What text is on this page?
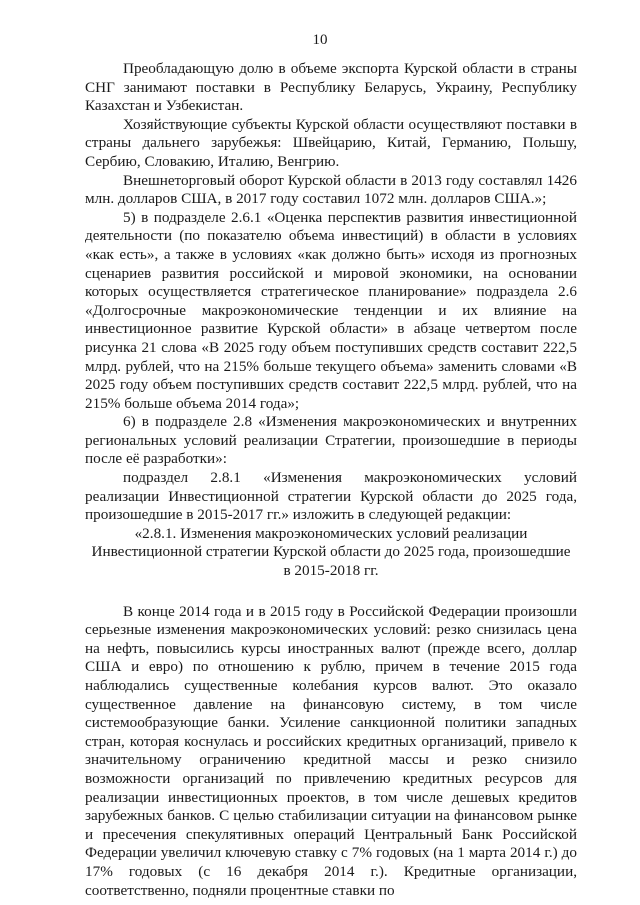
10

Преобладающую долю в объеме экспорта Курской области в страны СНГ занимают поставки в Республику Беларусь, Украину, Республику Казахстан и Узбекистан.

Хозяйствующие субъекты Курской области осуществляют поставки в страны дальнего зарубежья: Швейцарию, Китай, Германию, Польшу, Сербию, Словакию, Италию, Венгрию.

Внешнеторговый оборот Курской области в 2013 году составлял 1426 млн. долларов США, в 2017 году составил 1072 млн. долларов США.»;

5) в подразделе 2.6.1 «Оценка перспектив развития инвестиционной деятельности (по показателю объема инвестиций) в области в условиях «как есть», а также в условиях «как должно быть» исходя из прогнозных сценариев развития российской и мировой экономики, на основании которых осуществляется стратегическое планирование» подраздела 2.6 «Долгосрочные макроэкономические тенденции и их влияние на инвестиционное развитие Курской области» в абзаце четвертом после рисунка 21 слова «В 2025 году объем поступивших средств составит 222,5 млрд. рублей, что на 215% больше текущего объема» заменить словами «В 2025 году объем поступивших средств составит 222,5 млрд. рублей, что на 215% больше объема 2014 года»;

6) в подразделе 2.8 «Изменения макроэкономических и внутренних региональных условий реализации Стратегии, произошедшие в периоды после её разработки»:

подраздел 2.8.1 «Изменения макроэкономических условий реализации Инвестиционной стратегии Курской области до 2025 года, произошедшие в 2015-2017 гг.» изложить в следующей редакции:

«2.8.1. Изменения макроэкономических условий реализации Инвестиционной стратегии Курской области до 2025 года, произошедшие в 2015-2018 гг.

В конце 2014 года и в 2015 году в Российской Федерации произошли серьезные изменения макроэкономических условий: резко снизилась цена на нефть, повысились курсы иностранных валют (прежде всего, доллар США и евро) по отношению к рублю, причем в течение 2015 года наблюдались существенные колебания курсов валют. Это оказало существенное давление на финансовую систему, в том числе системообразующие банки. Усиление санкционной политики западных стран, которая коснулась и российских кредитных организаций, привело к значительному ограничению кредитной массы и резко снизило возможности организаций по привлечению кредитных ресурсов для реализации инвестиционных проектов, в том числе дешевых кредитов зарубежных банков. С целью стабилизации ситуации на финансовом рынке и пресечения спекулятивных операций Центральный Банк Российской Федерации увеличил ключевую ставку с 7% годовых (на 1 марта 2014 г.) до 17% годовых (с 16 декабря 2014 г.). Кредитные организации, соответственно, подняли процентные ставки по
